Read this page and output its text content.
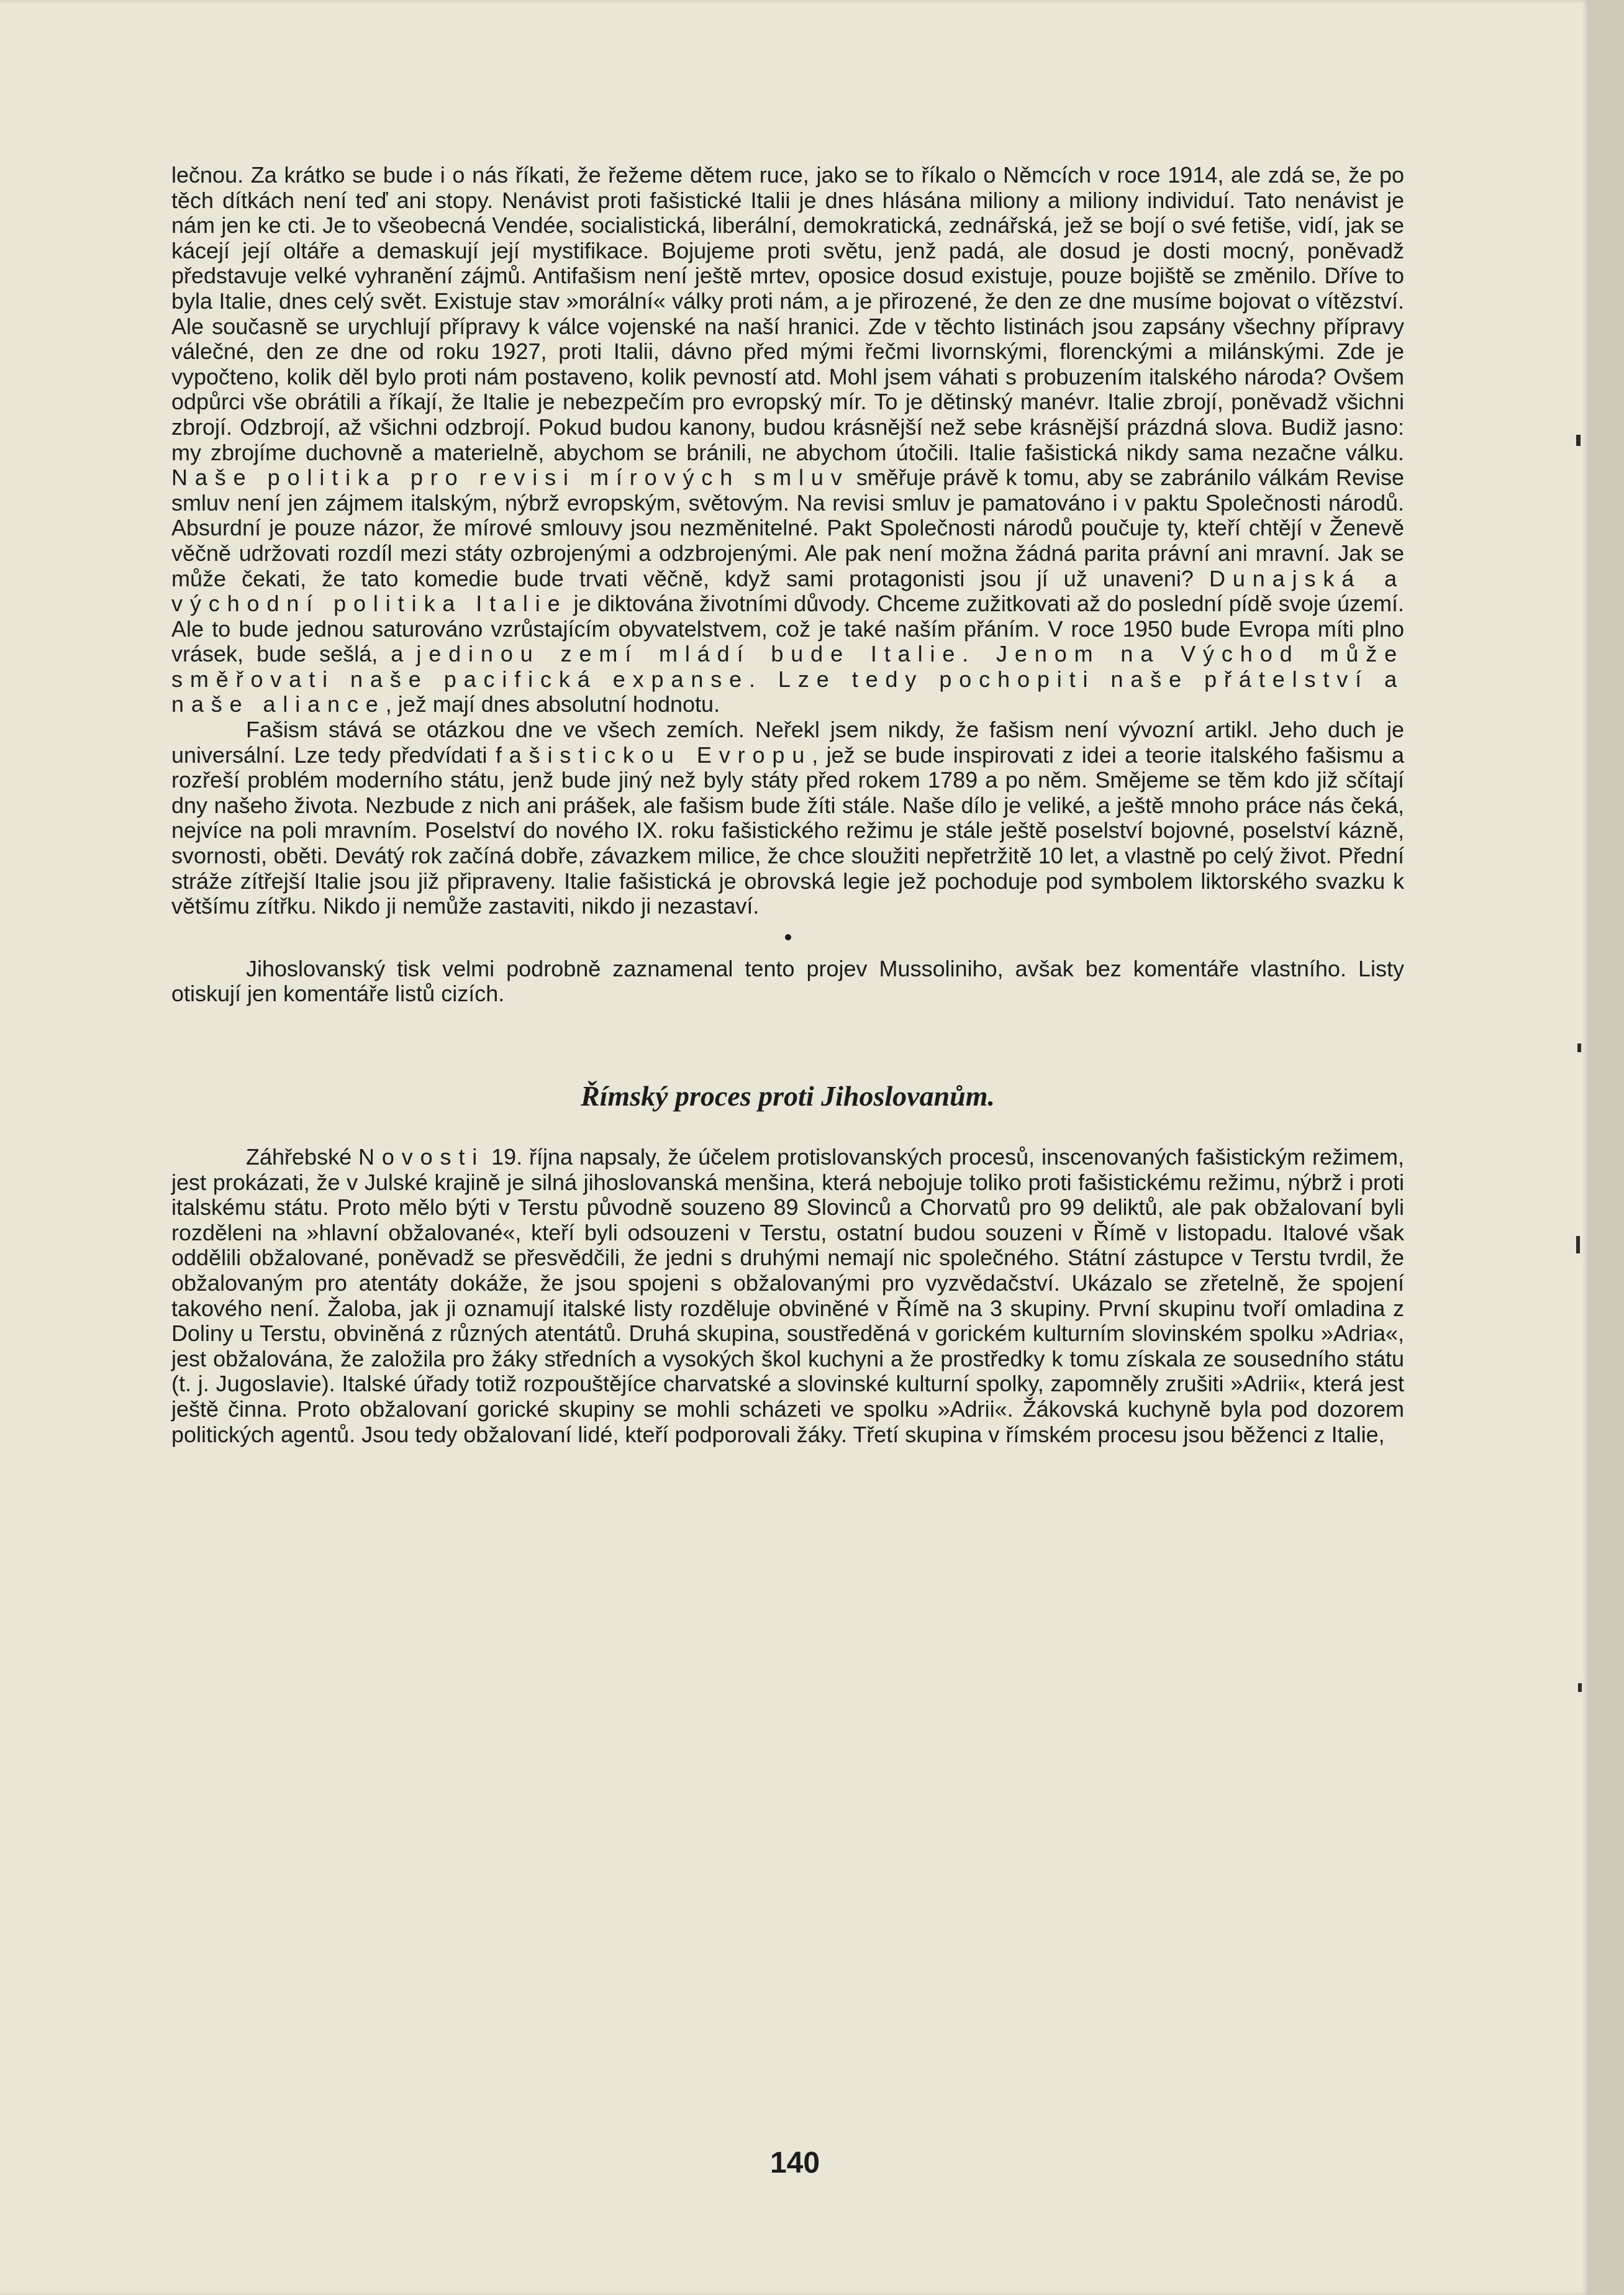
lečnou. Za krátko se bude i o nás říkati, že řežeme dětem ruce, jako se to říkalo o Němcích v roce 1914, ale zdá se, že po těch dítkách není teď ani stopy. Nenávist proti fašistické Italii je dnes hlásána miliony a miliony individuí. Tato nenávist je nám jen ke cti. Je to všeobecná Vendée, socialistická, liberální, demokratická, zednářská, jež se bojí o své fetiše, vidí, jak se kácejí její oltáře a demaskují její mystifikace. Bojujeme proti světu, jenž padá, ale dosud je dosti mocný, poněvadž představuje velké vyhranění zájmů. Antifašism není ještě mrtev, oposice dosud existuje, pouze bojiště se změnilo. Dříve to byla Italie, dnes celý svět. Existuje stav »morální« války proti nám, a je přirozené, že den ze dne musíme bojovat o vítězství. Ale současně se urychlují přípravy k válce vojenské na naší hranici. Zde v těchto listinách jsou zapsány všechny přípravy válečné, den ze dne od roku 1927, proti Italii, dávno před mými řečmi livornskými, florenckými a milánskými. Zde je vypočteno, kolik děl bylo proti nám postaveno, kolik pevností atd. Mohl jsem váhati s probuzením italského národa? Ovšem odpůrci vše obrátili a říkají, že Italie je nebezpečím pro evropský mír. To je dětinský manévr. Italie zbrojí, poněvadž všichni zbrojí. Odzbrojí, až všichni odzbrojí. Pokud budou kanony, budou krásnější než sebe krásnější prázdná slova. Budiž jasno: my zbrojíme duchovně a materielně, abychom se bránili, ne abychom útočili. Italie fašistická nikdy sama nezačne válku. Naše politika pro revisi mírových smluv směřuje právě k tomu, aby se zabránilo válkám Revise smluv není jen zájmem italským, nýbrž evropským, světovým. Na revisi smluv je pamatováno i v paktu Společnosti národů. Absurdní je pouze názor, že mírové smlouvy jsou nezměnitelné. Pakt Společnosti národů poučuje ty, kteří chtějí v Ženevě věčně udržovati rozdíl mezi státy ozbrojenými a odzbrojenými. Ale pak není možna žádná parita právní ani mravní. Jak se může čekati, že tato komedie bude trvati věčně, když sami protagonisti jsou jí už unaveni? Dunajská a východní politika Italie je diktována životními důvody. Chceme zužitkovati až do poslední pídě svoje území. Ale to bude jednou saturováno vzrůstajícím obyvatelstvem, což je také naším přáním. V roce 1950 bude Evropa míti plno vrásek, bude sešlá, a jedinou zemí mládí bude Italie. Jenom na Východ může směřovati naše pacifická expanse. Lze tedy pochopiti naše přátelství a naše aliance, jež mají dnes absolutní hodnotu.

Fašism stává se otázkou dne ve všech zemích. Neřekl jsem nikdy, že fašism není vývozní artikl. Jeho duch je universální. Lze tedy předvídati fašistickou Evropu, jež se bude inspirovati z idei a teorie italského fašismu a rozřeší problém moderního státu, jenž bude jiný než byly státy před rokem 1789 a po něm. Smějeme se těm kdo již sčítají dny našeho života. Nezbude z nich ani prášek, ale fašism bude žíti stále. Naše dílo je veliké, a ještě mnoho práce nás čeká, nejvíce na poli mravním. Poselství do nového IX. roku fašistického režimu je stále ještě poselství bojovné, poselství kázně, svornosti, oběti. Devátý rok začíná dobře, závazkem milice, že chce sloužiti nepřetržitě 10 let, a vlastně po celý život. Přední stráže zítřejší Italie jsou již připraveny. Italie fašistická je obrovská legie jež pochoduje pod symbolem liktorského svazku k většímu zítřku. Nikdo ji nemůže zastaviti, nikdo ji nezastaví.

Jihoslovanský tisk velmi podrobně zaznamenal tento projev Mussoliniho, avšak bez komentáře vlastního. Listy otiskují jen komentáře listů cizích.

Římský proces proti Jihoslovanům.

Záhřebské Novosti 19. října napsaly, že účelem protislovanských procesů, inscenovaných fašistickým režimem, jest prokázati, že v Julské krajině je silná jihoslovanská menšina, která nebojuje toliko proti fašistickému režimu, nýbrž i proti italskému státu. Proto mělo býti v Terstu původně souzeno 89 Slovinců a Chorvatů pro 99 deliktů, ale pak obžalovaní byli rozděleni na »hlavní obžalované«, kteří byli odsouzeni v Terstu, ostatní budou souzeni v Římě v listopadu. Italové však oddělili obžalované, poněvadž se přesvědčili, že jedni s druhými nemají nic společného. Státní zástupce v Terstu tvrdil, že obžalovaným pro atentáty dokáže, že jsou spojeni s obžalovanými pro vyzvědačství. Ukázalo se zřetelně, že spojení takového není. Žaloba, jak ji oznamují italské listy rozděluje obviněné v Římě na 3 skupiny. První skupinu tvoří omladina z Doliny u Terstu, obviněná z různých atentátů. Druhá skupina, soustředěná v gorickém kulturním slovinském spolku »Adria«, jest obžalována, že založila pro žáky středních a vysokých škol kuchyni a že prostředky k tomu získala ze sousedního státu (t. j. Jugoslavie). Italské úřady totiž rozpouštějíce charvatské a slovinské kulturní spolky, zapomněly zrušiti »Adrii«, která jest ještě činna. Proto obžalovaní gorické skupiny se mohli scházeti ve spolku »Adrii«. Žákovská kuchyně byla pod dozorem politických agentů. Jsou tedy obžalovaní lidé, kteří podporovali žáky. Třetí skupina v římském procesu jsou běženci z Italie,

140
